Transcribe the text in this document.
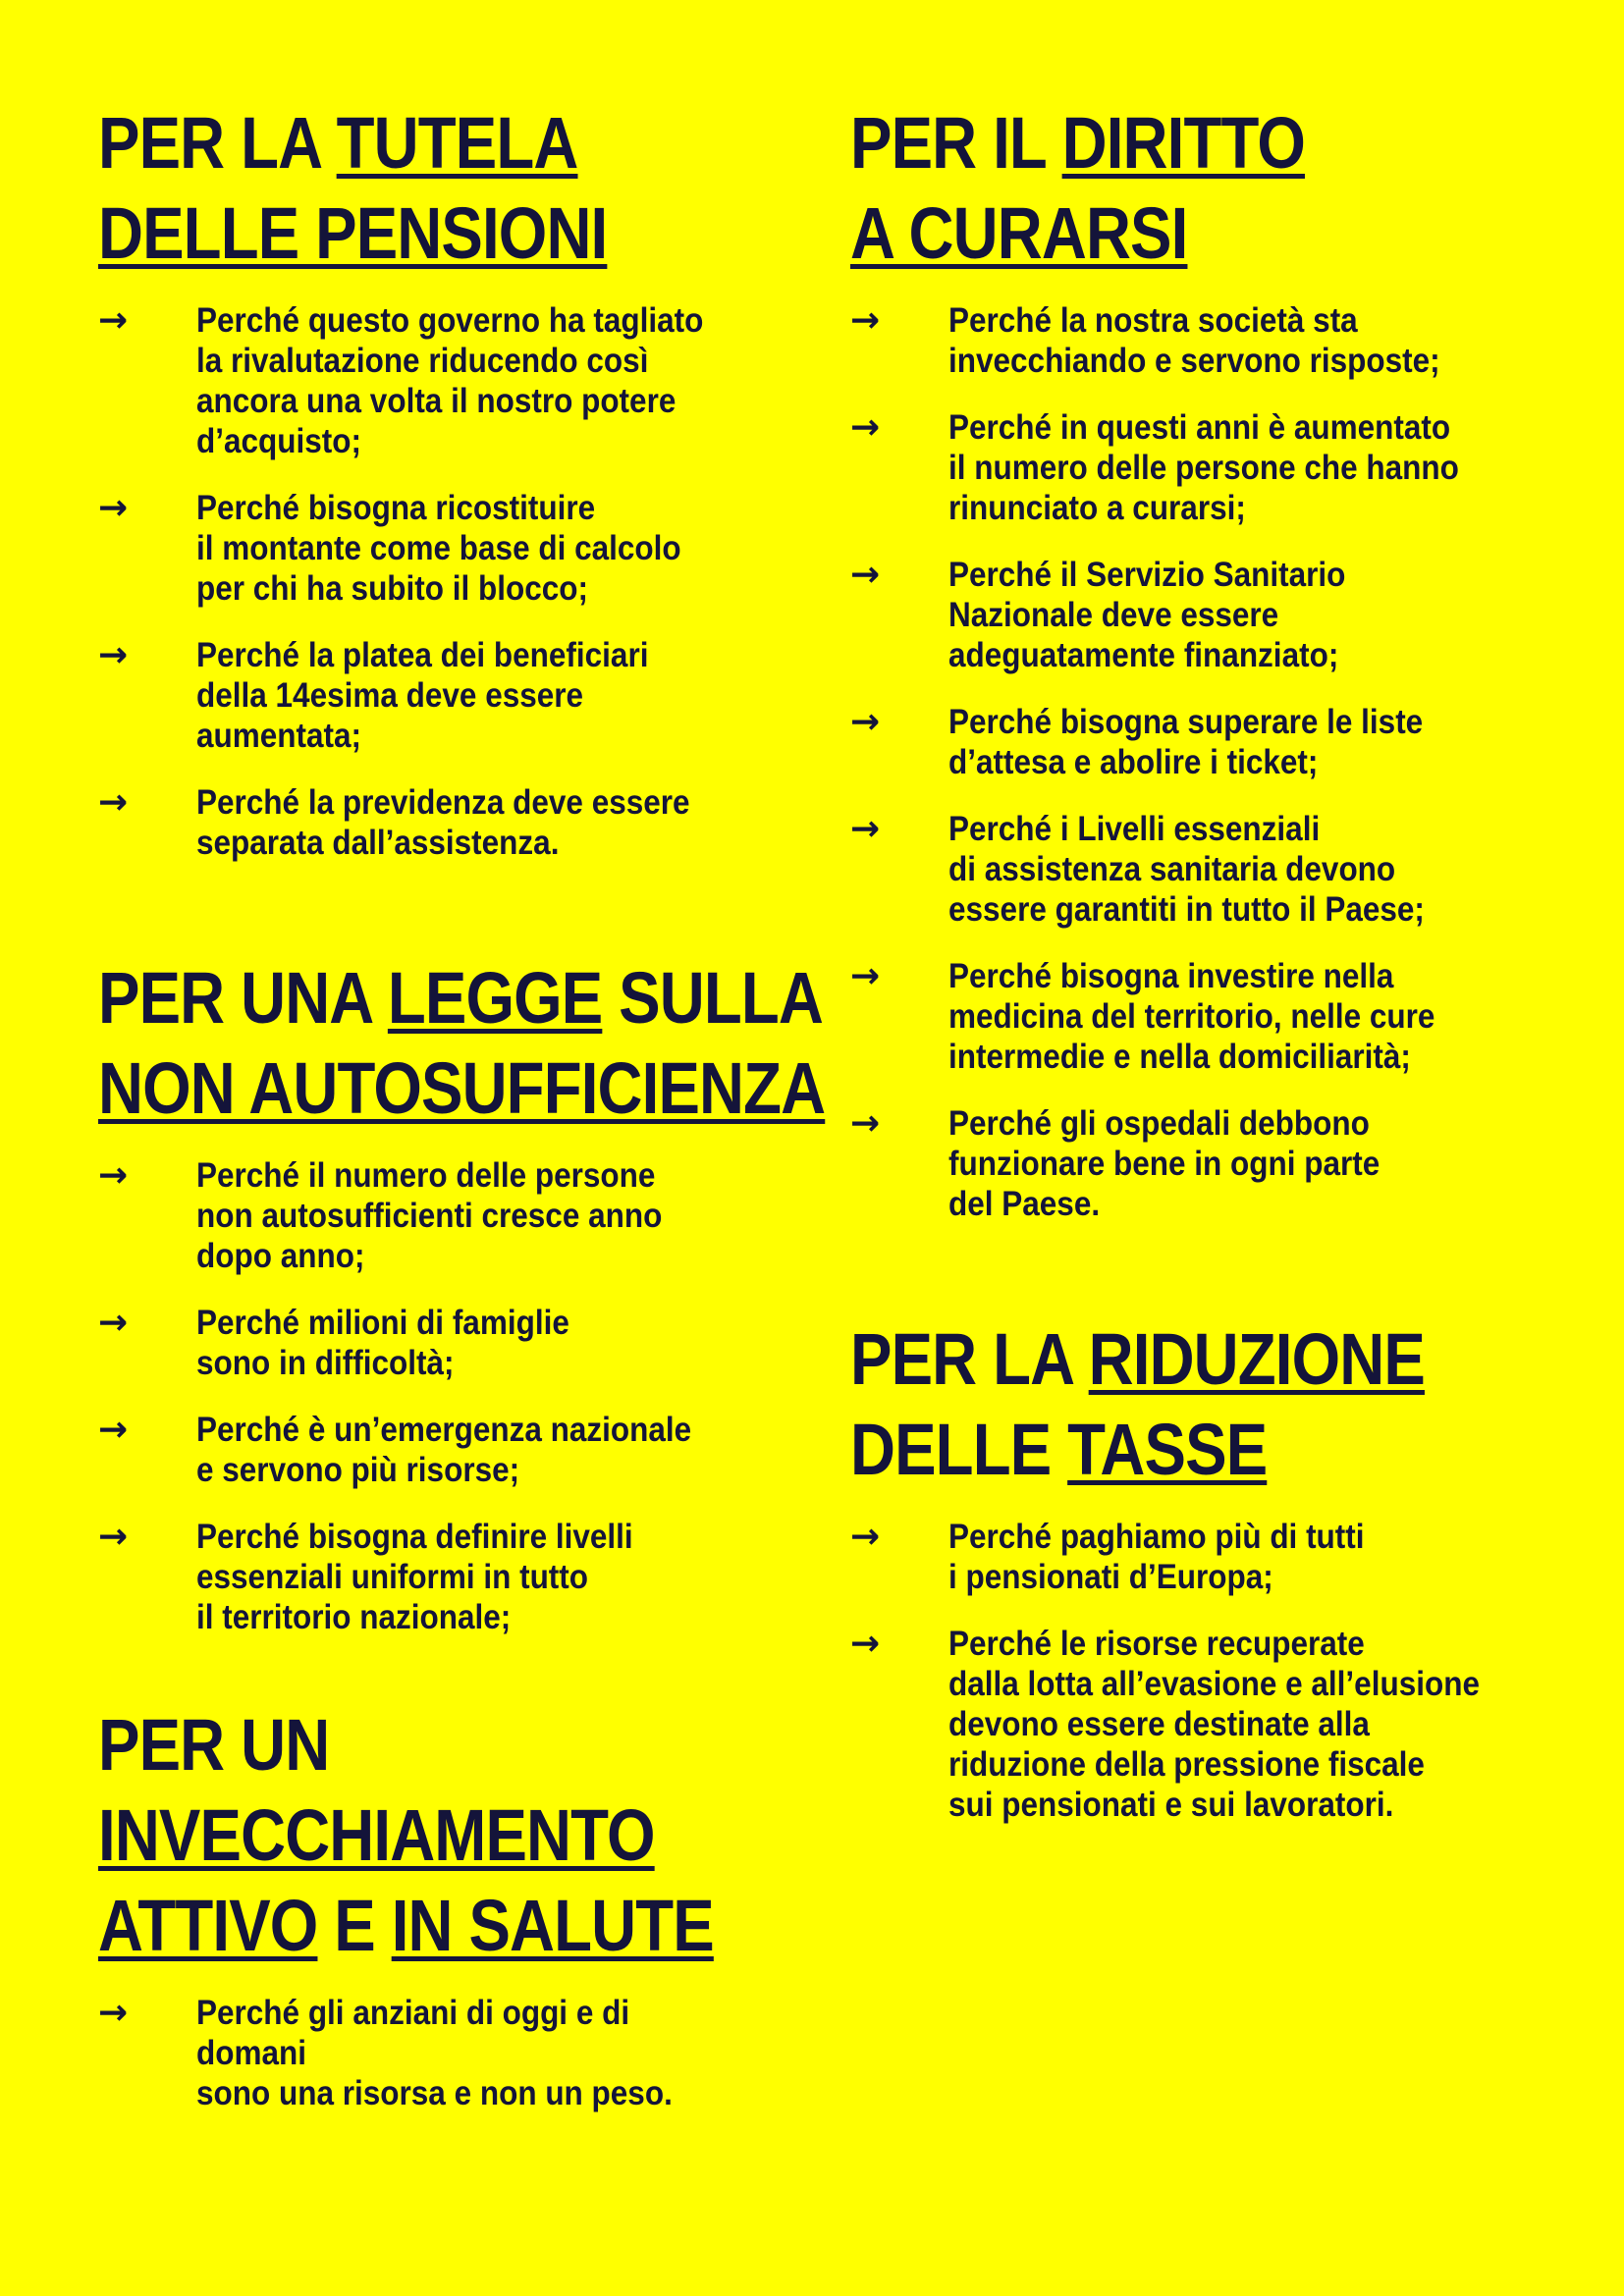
PER LA TUTELA
DELLE PENSIONI
→	Perché questo governo ha tagliato
la rivalutazione riducendo così
ancora una volta il nostro potere
d’acquisto;
→	Perché bisogna ricostituire
il montante come base di calcolo
per chi ha subito il blocco;
→	Perché la platea dei beneficiari
della 14esima deve essere
aumentata;
→	Perché la previdenza deve essere
separata dall’assistenza.
PER UNA LEGGE SULLA
NON AUTOSUFFICIENZA
→	Perché il numero delle persone
non autosufficienti cresce anno
dopo anno;
→	Perché milioni di famiglie
sono in difficoltà;
→	Perché è un’emergenza nazionale
e servono più risorse;
→	Perché bisogna definire livelli
essenziali uniformi in tutto
il territorio nazionale;
PER UN
INVECCHIAMENTO
ATTIVO E IN SALUTE
→	Perché gli anziani di oggi e di domani
sono una risorsa e non un peso.
PER IL DIRITTO
A CURARSI
→	Perché la nostra società sta
invecchiando e servono risposte;
→	Perché in questi anni è aumentato
il numero delle persone che hanno
rinunciato a curarsi;
→	Perché il Servizio Sanitario
Nazionale deve essere
adeguatamente finanziato;
→	Perché bisogna superare le liste
d’attesa e abolire i ticket;
→	Perché i Livelli essenziali
di assistenza sanitaria devono
essere garantiti in tutto il Paese;
→	Perché bisogna investire nella
medicina del territorio, nelle cure
intermedie e nella domiciliarità;
→	Perché gli ospedali debbono
funzionare bene in ogni parte
del Paese.
PER LA RIDUZIONE
DELLE TASSE
→	Perché paghiamo più di tutti
i pensionati d’Europa;
→	Perché le risorse recuperate
dalla lotta all’evasione e all’elusione
devono essere destinate alla
riduzione della pressione fiscale
sui pensionati e sui lavoratori.
